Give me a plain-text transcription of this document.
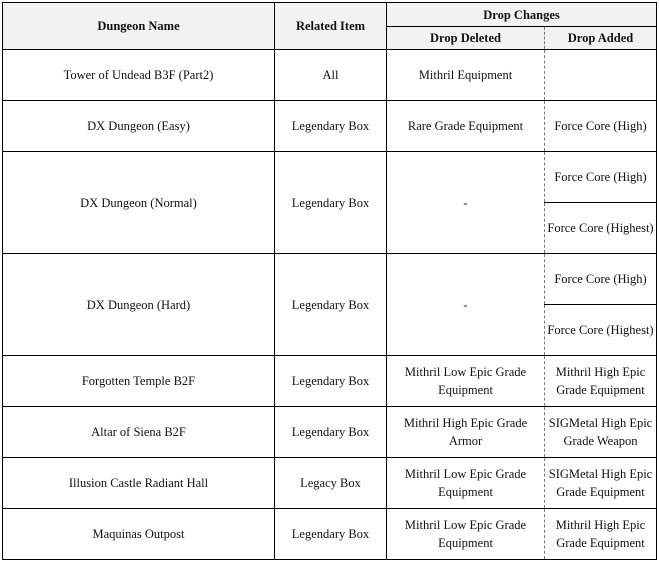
Dungeon Name	Related Item	Drop Changes	
		Drop Deleted	Drop Added
Tower of Undead B3F (Part2)	All	Mithril Equipment	
DX Dungeon (Easy)	Legendary Box	Rare Grade Equipment	Force Core (High)
DX Dungeon (Normal)	Legendary Box	-	Force Core (High)
			Force Core (Highest)
DX Dungeon (Hard)	Legendary Box	-	Force Core (High)
			Force Core (Highest)
Forgotten Temple B2F	Legendary Box	Mithril Low Epic Grade Equipment	Mithril High Epic Grade Equipment
Altar of Siena B2F	Legendary Box	Mithril High Epic Grade Armor	SIGMetal High Epic Grade Weapon
Illusion Castle Radiant Hall	Legacy Box	Mithril Low Epic Grade Equipment	SIGMetal High Epic Grade Equipment
Maquinas Outpost	Legendary Box	Mithril Low Epic Grade Equipment	Mithril High Epic Grade Equipment
